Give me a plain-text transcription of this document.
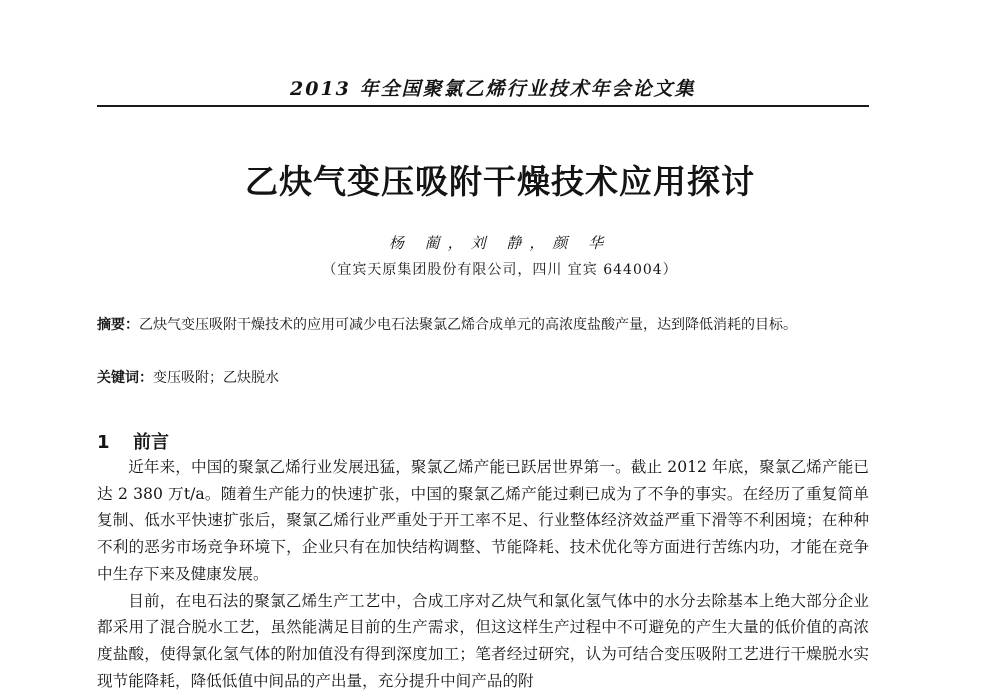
2013 年全国聚氯乙烯行业技术年会论文集
乙炔气变压吸附干燥技术应用探讨
杨 蔺，刘 静，颜 华
（宜宾天原集团股份有限公司，四川 宜宾 644004）
摘要：乙炔气变压吸附干燥技术的应用可减少电石法聚氯乙烯合成单元的高浓度盐酸产量，达到降低消耗的目标。
关键词：变压吸附；乙炔脱水
1 前言

近年来，中国的聚氯乙烯行业发展迅猛，聚氯乙烯产能已跃居世界第一。截止 2012 年底，聚氯乙烯产能已达 2 380 万t/a。随着生产能力的快速扩张，中国的聚氯乙烯产能过剩已成为了不争的事实。在经历了重复简单复制、低水平快速扩张后，聚氯乙烯行业严重处于开工率不足、行业整体经济效益严重下滑等不利困境；在种种不利的恶劣市场竞争环境下，企业只有在加快结构调整、节能降耗、技术优化等方面进行苦练内功，才能在竞争中生存下来及健康发展。

目前，在电石法的聚氯乙烯生产工艺中，合成工序对乙炔气和氯化氢气体中的水分去除基本上绝大部分企业都采用了混合脱水工艺，虽然能满足目前的生产需求，但这这样生产过程中不可避免的产生大量的低价值的高浓度盐酸，使得氯化氢气体的附加值没有得到深度加工；笔者经过研究，认为可结合变压吸附工艺进行干燥脱水实现节能降耗，降低低值中间品的产出量，充分提升中间产品的附
